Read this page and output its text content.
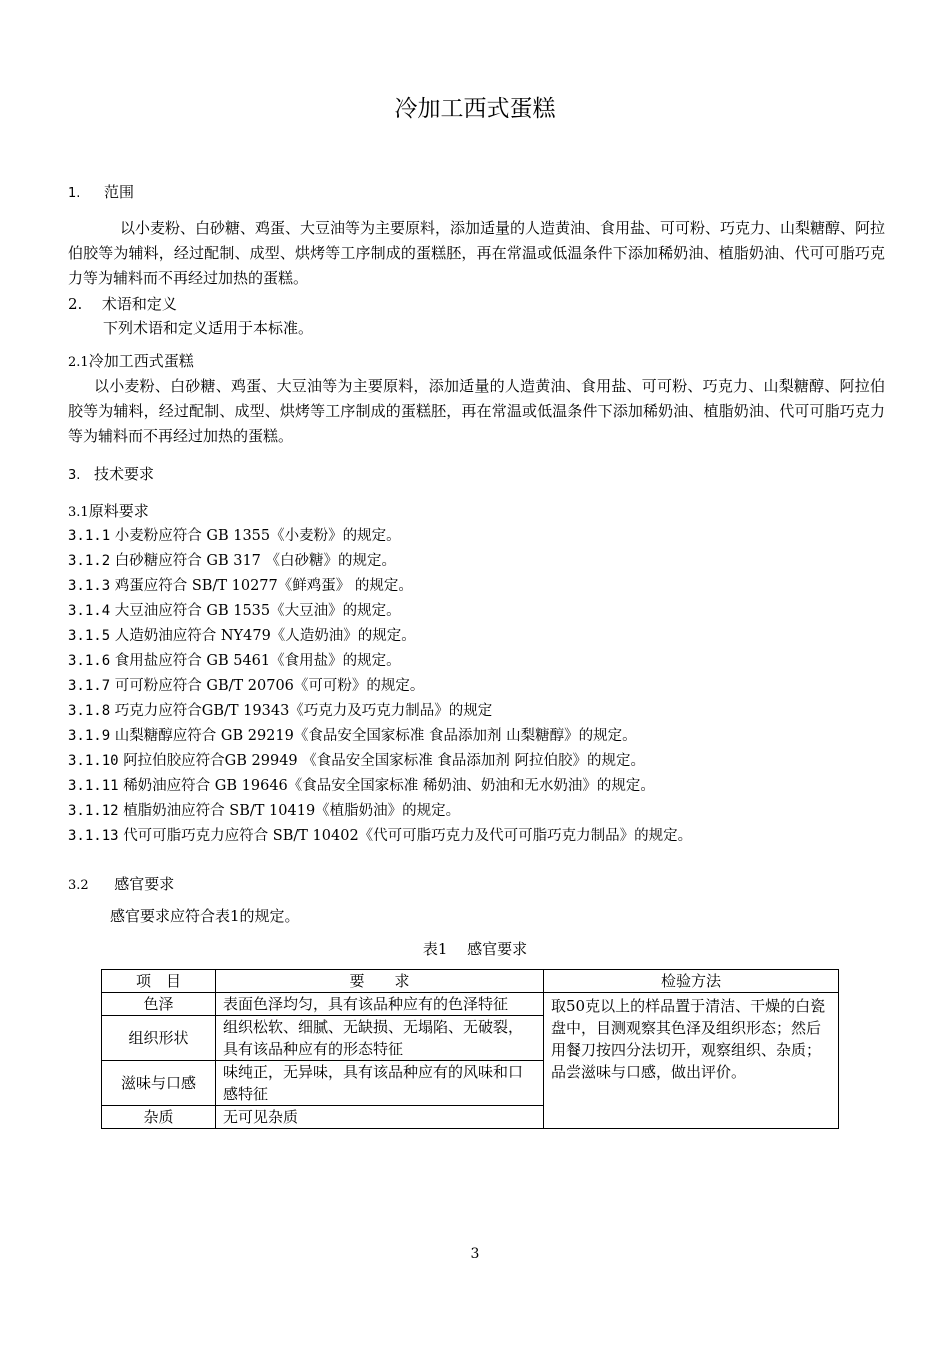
冷加工西式蛋糕
1. 范围
以小麦粉、白砂糖、鸡蛋、大豆油等为主要原料，添加适量的人造黄油、食用盐、可可粉、巧克力、山梨糖醇、阿拉伯胶等为辅料，经过配制、成型、烘烤等工序制成的蛋糕胚，再在常温或低温条件下添加稀奶油、植脂奶油、代可可脂巧克力等为辅料而不再经过加热的蛋糕。
2. 术语和定义
下列术语和定义适用于本标准。
2.1冷加工西式蛋糕
以小麦粉、白砂糖、鸡蛋、大豆油等为主要原料，添加适量的人造黄油、食用盐、可可粉、巧克力、山梨糖醇、阿拉伯胶等为辅料，经过配制、成型、烘烤等工序制成的蛋糕胚，再在常温或低温条件下添加稀奶油、植脂奶油、代可可脂巧克力等为辅料而不再经过加热的蛋糕。
3. 技术要求
3.1原料要求
3.1.1 小麦粉应符合 GB 1355《小麦粉》的规定。
3.1.2 白砂糖应符合 GB 317 《白砂糖》的规定。
3.1.3 鸡蛋应符合 SB/T 10277《鲜鸡蛋》 的规定。
3.1.4 大豆油应符合 GB 1535《大豆油》的规定。
3.1.5 人造奶油应符合 NY479《人造奶油》的规定。
3.1.6 食用盐应符合 GB 5461《食用盐》的规定。
3.1.7 可可粉应符合 GB/T 20706《可可粉》的规定。
3.1.8 巧克力应符合GB/T 19343《巧克力及巧克力制品》的规定
3.1.9 山梨糖醇应符合 GB 29219《食品安全国家标准 食品添加剂 山梨糖醇》的规定。
3.1.10 阿拉伯胶应符合GB 29949 《食品安全国家标准 食品添加剂 阿拉伯胶》的规定。
3.1.11 稀奶油应符合 GB 19646《食品安全国家标准 稀奶油、奶油和无水奶油》的规定。
3.1.12 植脂奶油应符合 SB/T 10419《植脂奶油》的规定。
3.1.13 代可可脂巧克力应符合 SB/T 10402《代可可脂巧克力及代可可脂巧克力制品》的规定。
3.2 感官要求
感官要求应符合表1的规定。
表1　 感官要求
项　目	要　　求	检验方法
色泽	表面色泽均匀，具有该品种应有的色泽特征	取50克以上的样品置于清洁、干燥的白瓷盘中，目测观察其色泽及组织形态；然后用餐刀按四分法切开，观察组织、杂质；品尝滋味与口感，做出评价。
组织形状	组织松软、细腻、无缺损、无塌陷、无破裂，具有该品种应有的形态特征	
滋味与口感	味纯正，无异味，具有该品种应有的风味和口感特征	
杂质	无可见杂质	
3
